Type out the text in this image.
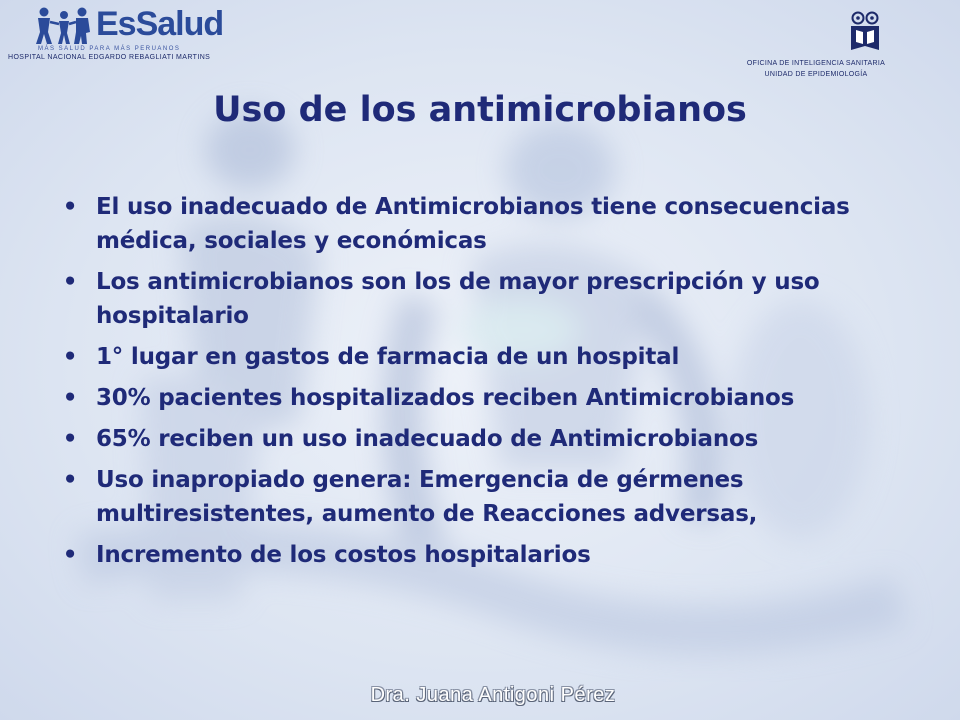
EsSalud
MÁS SALUD PARA MÁS PERUANOS
HOSPITAL NACIONAL EDGARDO REBAGLIATI MARTINS
OFICINA DE INTELIGENCIA SANITARIA
UNIDAD DE EPIDEMIOLOGÍA
Uso de los antimicrobianos
• El uso inadecuado de Antimicrobianos tiene consecuencias médica, sociales y económicas
• Los antimicrobianos son los de mayor prescripción y uso hospitalario
• 1° lugar en gastos de farmacia de un hospital
• 30% pacientes hospitalizados reciben Antimicrobianos
• 65% reciben un uso inadecuado de Antimicrobianos
• Uso inapropiado genera: Emergencia de gérmenes multiresistentes, aumento de Reacciones adversas,
• Incremento de los costos hospitalarios
Dra. Juana Antigoni Pérez
